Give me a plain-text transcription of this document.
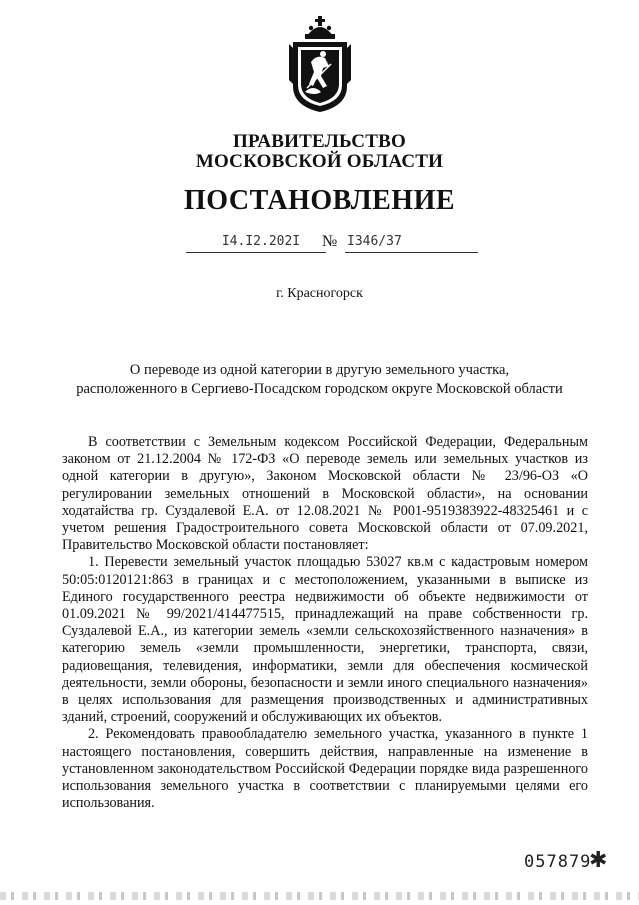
ПРАВИТЕЛЬСТВО
МОСКОВСКОЙ ОБЛАСТИ
ПОСТАНОВЛЕНИЕ
I4.I2.202I	№ I346/37
г. Красногорск
О переводе из одной категории в другую земельного участка,
расположенного в Сергиево-Посадском городском округе Московской области

В соответствии с Земельным кодексом Российской Федерации, Федеральным законом от 21.12.2004 № 172-ФЗ «О переводе земель или земельных участков из одной категории в другую», Законом Московской области № 23/96-ОЗ «О регулировании земельных отношений в Московской области», на основании ходатайства гр. Суздалевой Е.А. от 12.08.2021 № Р001-9519383922-48325461 и с учетом решения Градостроительного совета Московской области от 07.09.2021, Правительство Московской области постановляет:

1. Перевести земельный участок площадью 53027 кв.м с кадастровым номером 50:05:0120121:863 в границах и с местоположением, указанными в выписке из Единого государственного реестра недвижимости об объекте недвижимости от 01.09.2021 № 99/2021/414477515, принадлежащий на праве собственности гр. Суздалевой Е.А., из категории земель «земли сельскохозяйственного назначения» в категорию земель «земли промышленности, энергетики, транспорта, связи, радиовещания, телевидения, информатики, земли для обеспечения космической деятельности, земли обороны, безопасности и земли иного специального назначения» в целях использования для размещения производственных и административных зданий, строений, сооружений и обслуживающих их объектов.

2. Рекомендовать правообладателю земельного участка, указанного в пункте 1 настоящего постановления, совершить действия, направленные на изменение в установленном законодательством Российской Федерации порядке вида разрешенного использования земельного участка в соответствии с планируемыми целями его использования.

057879
✱
